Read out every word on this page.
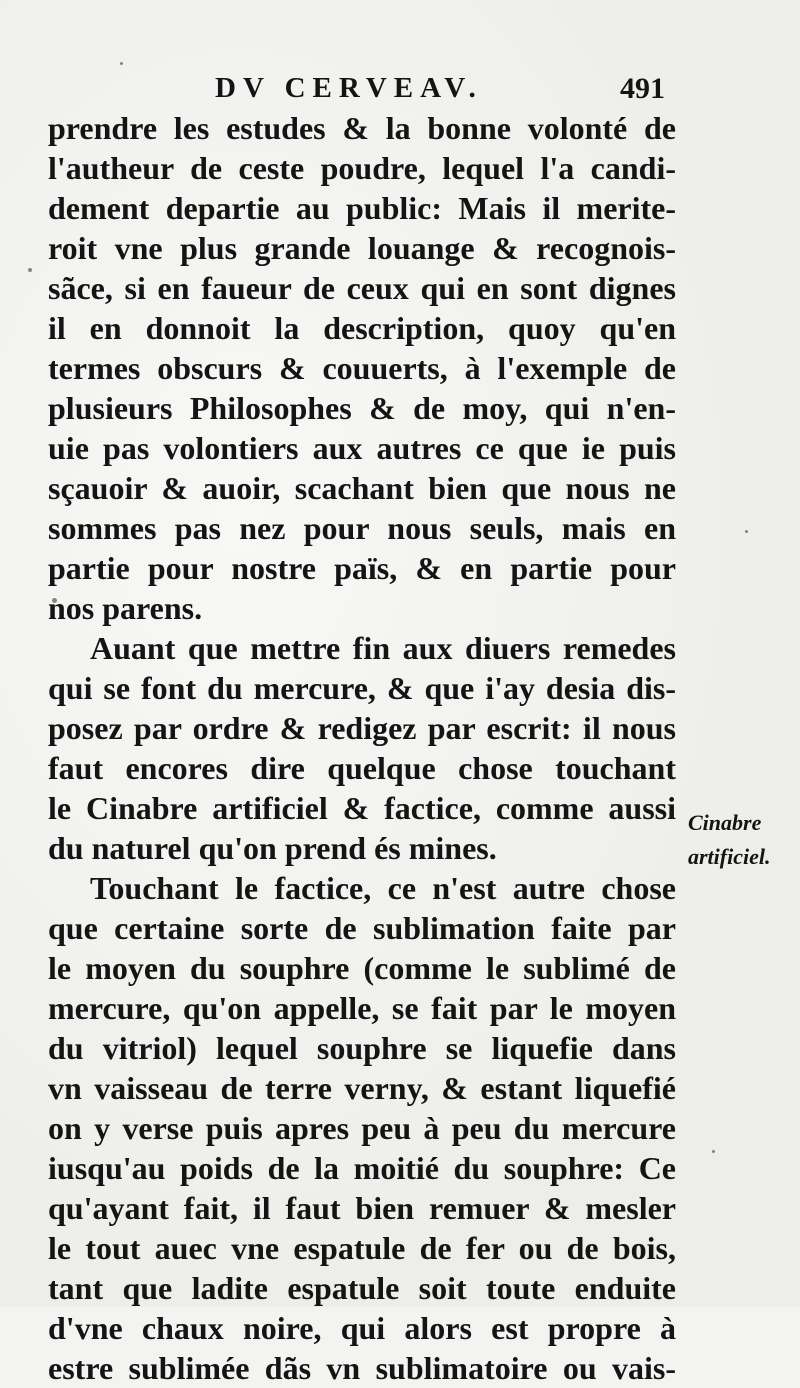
DV CERVEAV.	491
prendre les estudes & la bonne volonté de
l'autheur de ceste poudre, lequel l'a candi-
dement departie au public: Mais il merite-
roit vne plus grande louange & recognois-
sãce, si en faueur de ceux qui en sont dignes
il en donnoit la description, quoy qu'en
termes obscurs & couuerts, à l'exemple de
plusieurs Philosophes & de moy, qui n'en-
uie pas volontiers aux autres ce que ie puis
sçauoir & auoir, scachant bien que nous ne
sommes pas nez pour nous seuls, mais en
partie pour nostre païs, & en partie pour
nos parens.
Auant que mettre fin aux diuers remedes
qui se font du mercure, & que i'ay desia dis-
posez par ordre & redigez par escrit: il nous
faut encores dire quelque chose touchant
le Cinabre artificiel & factice, comme aussi
du naturel qu'on prend és mines.
Touchant le factice, ce n'est autre chose
que certaine sorte de sublimation faite par
le moyen du souphre (comme le sublimé de
mercure, qu'on appelle, se fait par le moyen
du vitriol) lequel souphre se liquefie dans
vn vaisseau de terre verny, & estant liquefié
on y verse puis apres peu à peu du mercure
iusqu'au poids de la moitié du souphre: Ce
qu'ayant fait, il faut bien remuer & mesler
le tout auec vne espatule de fer ou de bois,
tant que ladite espatule soit toute enduite
d'vne chaux noire, qui alors est propre à
estre sublimée dãs vn sublimatoire ou vais-
Cinabre
artificiel.
